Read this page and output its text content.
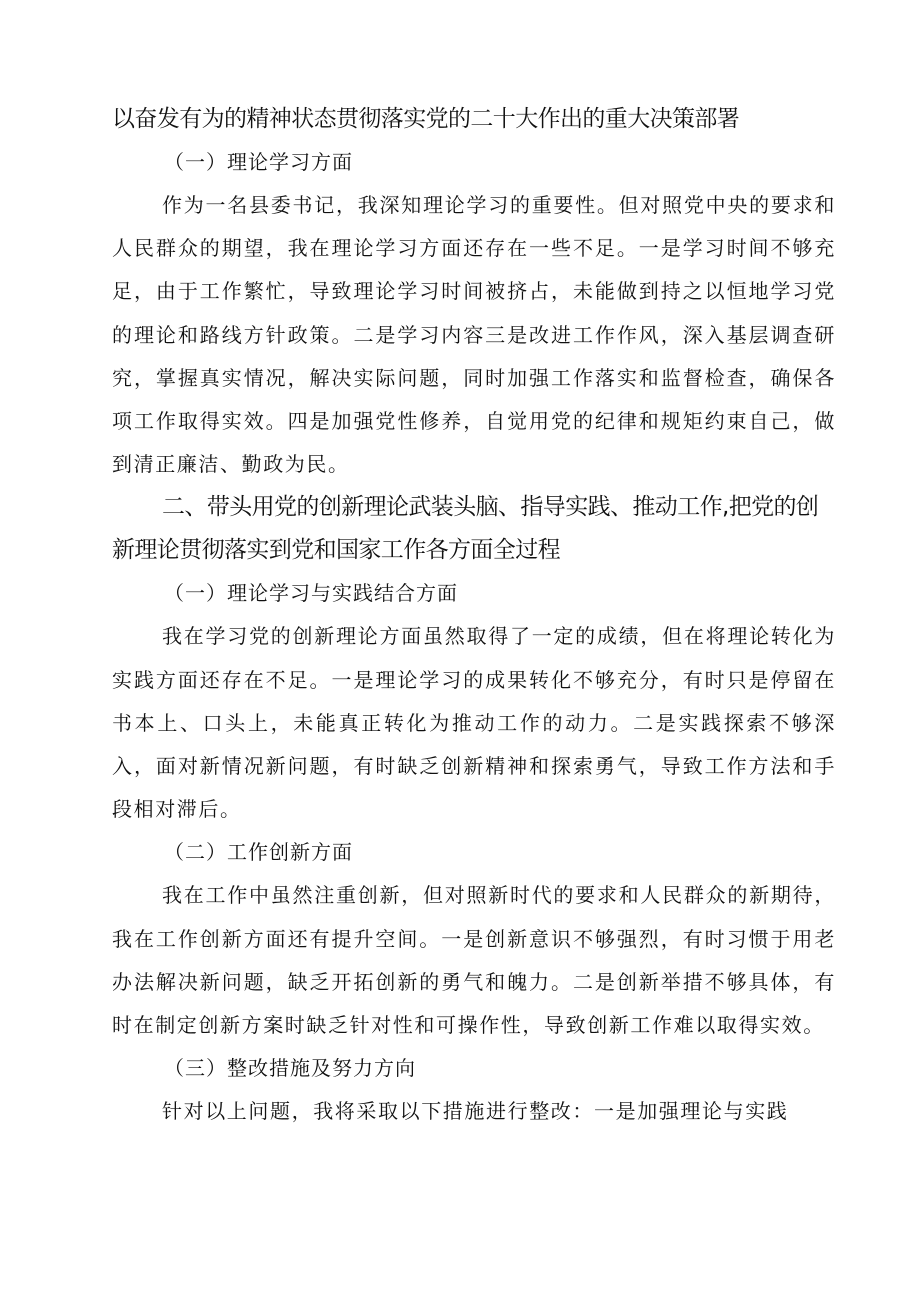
以奋发有为的精神状态贯彻落实党的二十大作出的重大决策部署

（一）理论学习方面

作为一名县委书记，我深知理论学习的重要性。但对照党中央的要求和人民群众的期望，我在理论学习方面还存在一些不足。一是学习时间不够充足，由于工作繁忙，导致理论学习时间被挤占，未能做到持之以恒地学习党的理论和路线方针政策。二是学习内容三是改进工作作风，深入基层调查研究，掌握真实情况，解决实际问题，同时加强工作落实和监督检查，确保各项工作取得实效。四是加强党性修养，自觉用党的纪律和规矩约束自己，做到清正廉洁、勤政为民。

二、带头用党的创新理论武装头脑、指导实践、推动工作,把党的创新理论贯彻落实到党和国家工作各方面全过程

（一）理论学习与实践结合方面

我在学习党的创新理论方面虽然取得了一定的成绩，但在将理论转化为实践方面还存在不足。一是理论学习的成果转化不够充分，有时只是停留在书本上、口头上，未能真正转化为推动工作的动力。二是实践探索不够深入，面对新情况新问题，有时缺乏创新精神和探索勇气，导致工作方法和手段相对滞后。

（二）工作创新方面

我在工作中虽然注重创新，但对照新时代的要求和人民群众的新期待，我在工作创新方面还有提升空间。一是创新意识不够强烈，有时习惯于用老办法解决新问题，缺乏开拓创新的勇气和魄力。二是创新举措不够具体，有时在制定创新方案时缺乏针对性和可操作性，导致创新工作难以取得实效。

（三）整改措施及努力方向

针对以上问题，我将采取以下措施进行整改：一是加强理论与实践
